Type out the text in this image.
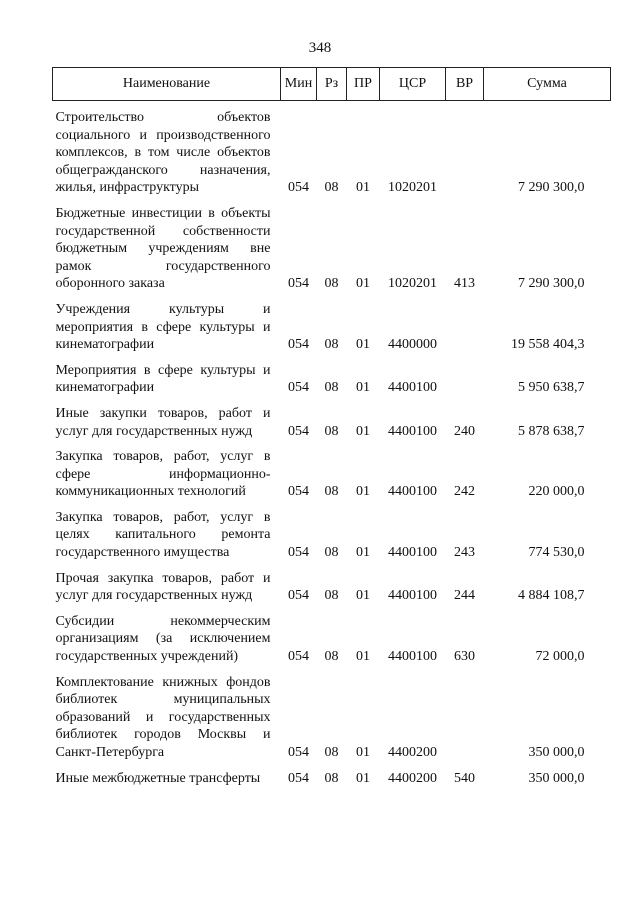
348
Наименование	Мин	Рз	ПР	ЦСР	ВР	Сумма
Строительство объектов социального и производственного комплексов, в том числе объектов общегражданского назначения, жилья, инфраструктуры	054	08	01	1020201		7 290 300,0
Бюджетные инвестиции в объекты государственной собственности бюджетным учреждениям вне рамок государственного оборонного заказа	054	08	01	1020201	413	7 290 300,0
Учреждения культуры и мероприятия в сфере культуры и кинематографии	054	08	01	4400000		19 558 404,3
Мероприятия в сфере культуры и кинематографии	054	08	01	4400100		5 950 638,7
Иные закупки товаров, работ и услуг для государственных нужд	054	08	01	4400100	240	5 878 638,7
Закупка товаров, работ, услуг в сфере информационно-коммуникационных технологий	054	08	01	4400100	242	220 000,0
Закупка товаров, работ, услуг в целях капитального ремонта государственного имущества	054	08	01	4400100	243	774 530,0
Прочая закупка товаров, работ и услуг для государственных нужд	054	08	01	4400100	244	4 884 108,7
Субсидии некоммерческим организациям (за исключением государственных учреждений)	054	08	01	4400100	630	72 000,0
Комплектование книжных фондов библиотек муниципальных образований и государственных библиотек городов Москвы и Санкт-Петербурга	054	08	01	4400200		350 000,0
Иные межбюджетные трансферты	054	08	01	4400200	540	350 000,0
